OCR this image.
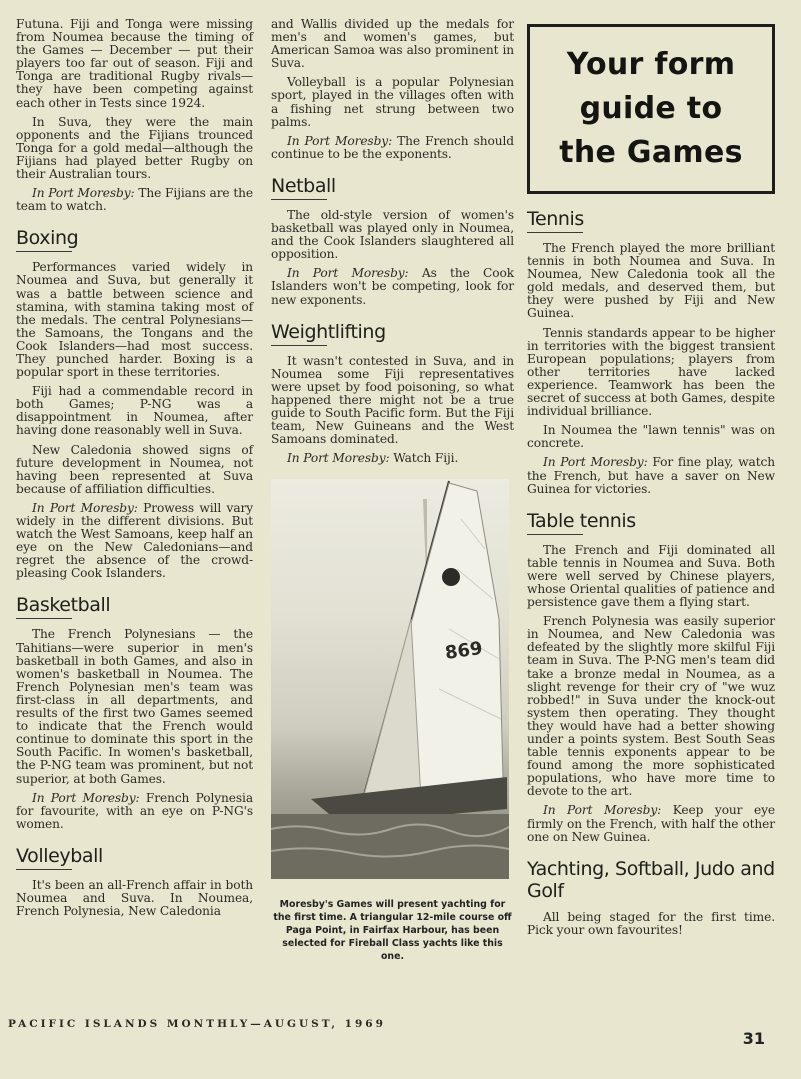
Futuna. Fiji and Tonga were missing from Noumea because the timing of the Games — December — put their players too far out of season. Fiji and Tonga are traditional Rugby rivals—they have been competing against each other in Tests since 1924.

In Suva, they were the main opponents and the Fijians trounced Tonga for a gold medal—although the Fijians had played better Rugby on their Australian tours.

In Port Moresby: The Fijians are the team to watch.

Boxing

Performances varied widely in Noumea and Suva, but generally it was a battle between science and stamina, with stamina taking most of the medals. The central Polynesians—the Samoans, the Tongans and the Cook Islanders—had most success. They punched harder. Boxing is a popular sport in these territories.

Fiji had a commendable record in both Games; P-NG was a disappointment in Noumea, after having done reasonably well in Suva.

New Caledonia showed signs of future development in Noumea, not having been represented at Suva because of affiliation difficulties.

In Port Moresby: Prowess will vary widely in the different divisions. But watch the West Samoans, keep half an eye on the New Caledonians—and regret the absence of the crowd-pleasing Cook Islanders.

Basketball

The French Polynesians — the Tahitians—were superior in men's basketball in both Games, and also in women's basketball in Noumea. The French Polynesian men's team was first-class in all departments, and results of the first two Games seemed to indicate that the French would continue to dominate this sport in the South Pacific. In women's basketball, the P-NG team was prominent, but not superior, at both Games.

In Port Moresby: French Polynesia for favourite, with an eye on P-NG's women.

Volleyball

It's been an all-French affair in both Noumea and Suva. In Noumea, French Polynesia, New Caledonia

and Wallis divided up the medals for men's and women's games, but American Samoa was also prominent in Suva.

Volleyball is a popular Polynesian sport, played in the villages often with a fishing net strung between two palms.

In Port Moresby: The French should continue to be the exponents.

Netball

The old-style version of women's basketball was played only in Noumea, and the Cook Islanders slaughtered all opposition.

In Port Moresby: As the Cook Islanders won't be competing, look for new exponents.

Weightlifting

It wasn't contested in Suva, and in Noumea some Fiji representatives were upset by food poisoning, so what happened there might not be a true guide to South Pacific form. But the Fiji team, New Guineans and the West Samoans dominated.

In Port Moresby: Watch Fiji.

869
Moresby's Games will present yachting for the first time. A triangular 12-mile course off Paga Point, in Fairfax Harbour, has been selected for Fireball Class yachts like this one.
Your form
guide to
the Games
Tennis

The French played the more brilliant tennis in both Noumea and Suva. In Noumea, New Caledonia took all the gold medals, and deserved them, but they were pushed by Fiji and New Guinea.

Tennis standards appear to be higher in territories with the biggest transient European populations; players from other territories have lacked experience. Teamwork has been the secret of success at both Games, despite individual brilliance.

In Noumea the "lawn tennis" was on concrete.

In Port Moresby: For fine play, watch the French, but have a saver on New Guinea for victories.

Table tennis

The French and Fiji dominated all table tennis in Noumea and Suva. Both were well served by Chinese players, whose Oriental qualities of patience and persistence gave them a flying start.

French Polynesia was easily superior in Noumea, and New Caledonia was defeated by the slightly more skilful Fiji team in Suva. The P-NG men's team did take a bronze medal in Noumea, as a slight revenge for their cry of "we wuz robbed!" in Suva under the knock-out system then operating. They thought they would have had a better showing under a points system. Best South Seas table tennis exponents appear to be found among the more sophisticated populations, who have more time to devote to the art.

In Port Moresby: Keep your eye firmly on the French, with half the other one on New Guinea.

Yachting, Softball, Judo and Golf

All being staged for the first time. Pick your own favourites!

PACIFIC ISLANDS MONTHLY—AUGUST, 1969
31
